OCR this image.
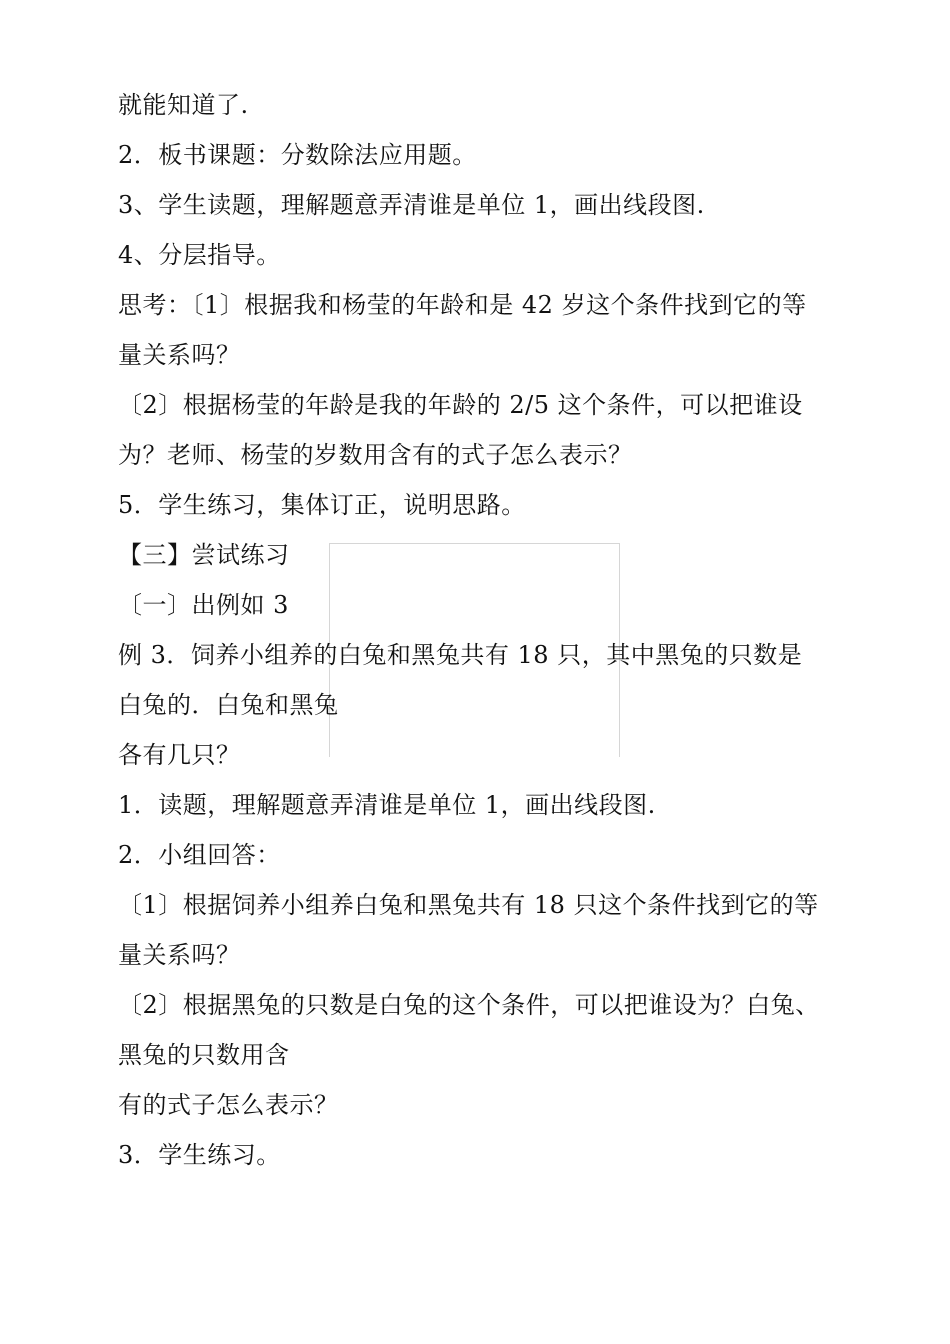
就能知道了.
2．板书课题：分数除法应用题。
3、学生读题，理解题意弄清谁是单位 1，画出线段图.
4、分层指导。
思考：〔1〕根据我和杨莹的年龄和是 42 岁这个条件找到它的等
量关系吗？
〔2〕根据杨莹的年龄是我的年龄的 2/5 这个条件，可以把谁设
为？老师、杨莹的岁数用含有的式子怎么表示？
5．学生练习，集体订正，说明思路。
【三】尝试练习
〔一〕出例如 3
例 3．饲养小组养的白兔和黑兔共有 18 只，其中黑兔的只数是
白兔的．白兔和黑兔
各有几只？
1．读题，理解题意弄清谁是单位 1，画出线段图.
2．小组回答：
〔1〕根据饲养小组养白兔和黑兔共有 18 只这个条件找到它的等
量关系吗？
〔2〕根据黑兔的只数是白兔的这个条件，可以把谁设为？白兔、
黑兔的只数用含
有的式子怎么表示？
3．学生练习。
